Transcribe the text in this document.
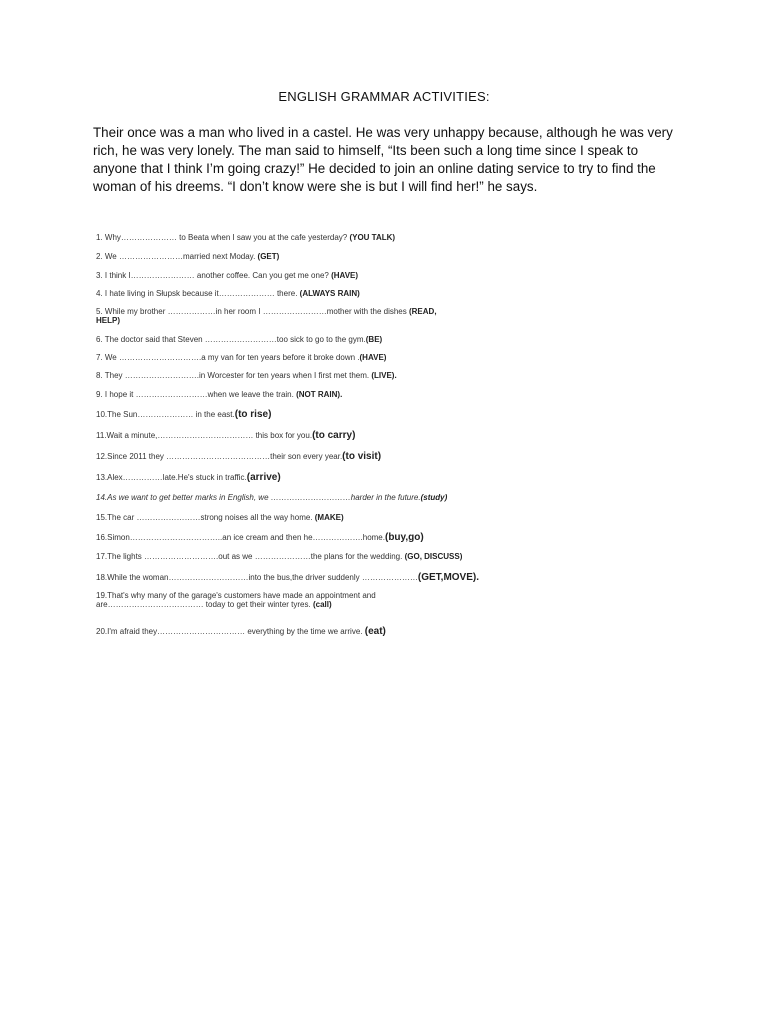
ENGLISH GRAMMAR ACTIVITIES:
Their once was a man who lived in a castel. He was very unhappy because, although he was very rich, he was very lonely. The man said to himself, “Its been such a long time since I speak to anyone that I think I’m going crazy!” He decided to join an online dating service to try to find the woman of his dreems. “I don’t know were she is but I will find her!” he says.
1. Why………………… to Beata when I saw you at the cafe yesterday? (YOU TALK)
2. We ……………………married next Moday. (GET)
3. I think I…………………… another coffee. Can you get me one? (HAVE)
4. I hate living in Słupsk because it………………… there. (ALWAYS RAIN)
5. While my brother ………………in her room I ……………………mother with the dishes (READ,
HELP)
6. The doctor said that Steven ………………………too sick to go to the gym.(BE)
7. We ………………………….a my van for ten years before it broke down .(HAVE)
8. They ……………………….in Worcester for ten years when I first met them. (LIVE).
9. I hope it ………………………when we leave the train. (NOT RAIN).
10.The Sun………………… in the east.(to rise)
11.Wait a minute,……………………………… this box for you.(to carry)
12.Since 2011 they …………………………………their son every year.(to visit)
13.Alex……………late.He's stuck in traffic.(arrive)
14.As we want to get better marks in English, we …………………………harder in the future.(study)
15.The car ……………………strong noises all the way home. (MAKE)
16.Simon……………………………..an ice cream and then he……………….home.(buy,go)
17.The lights ……………………….out as we …………………the plans for the wedding. (GO, DISCUSS)
18.While the woman…………………………into the bus,the driver suddenly …………………(GET,MOVE).
19.That's why many of the garage's customers have made an appointment and
are……………………………… today to get their winter tyres. (call)
20.I'm afraid they…………………………… everything by the time we arrive. (eat)
